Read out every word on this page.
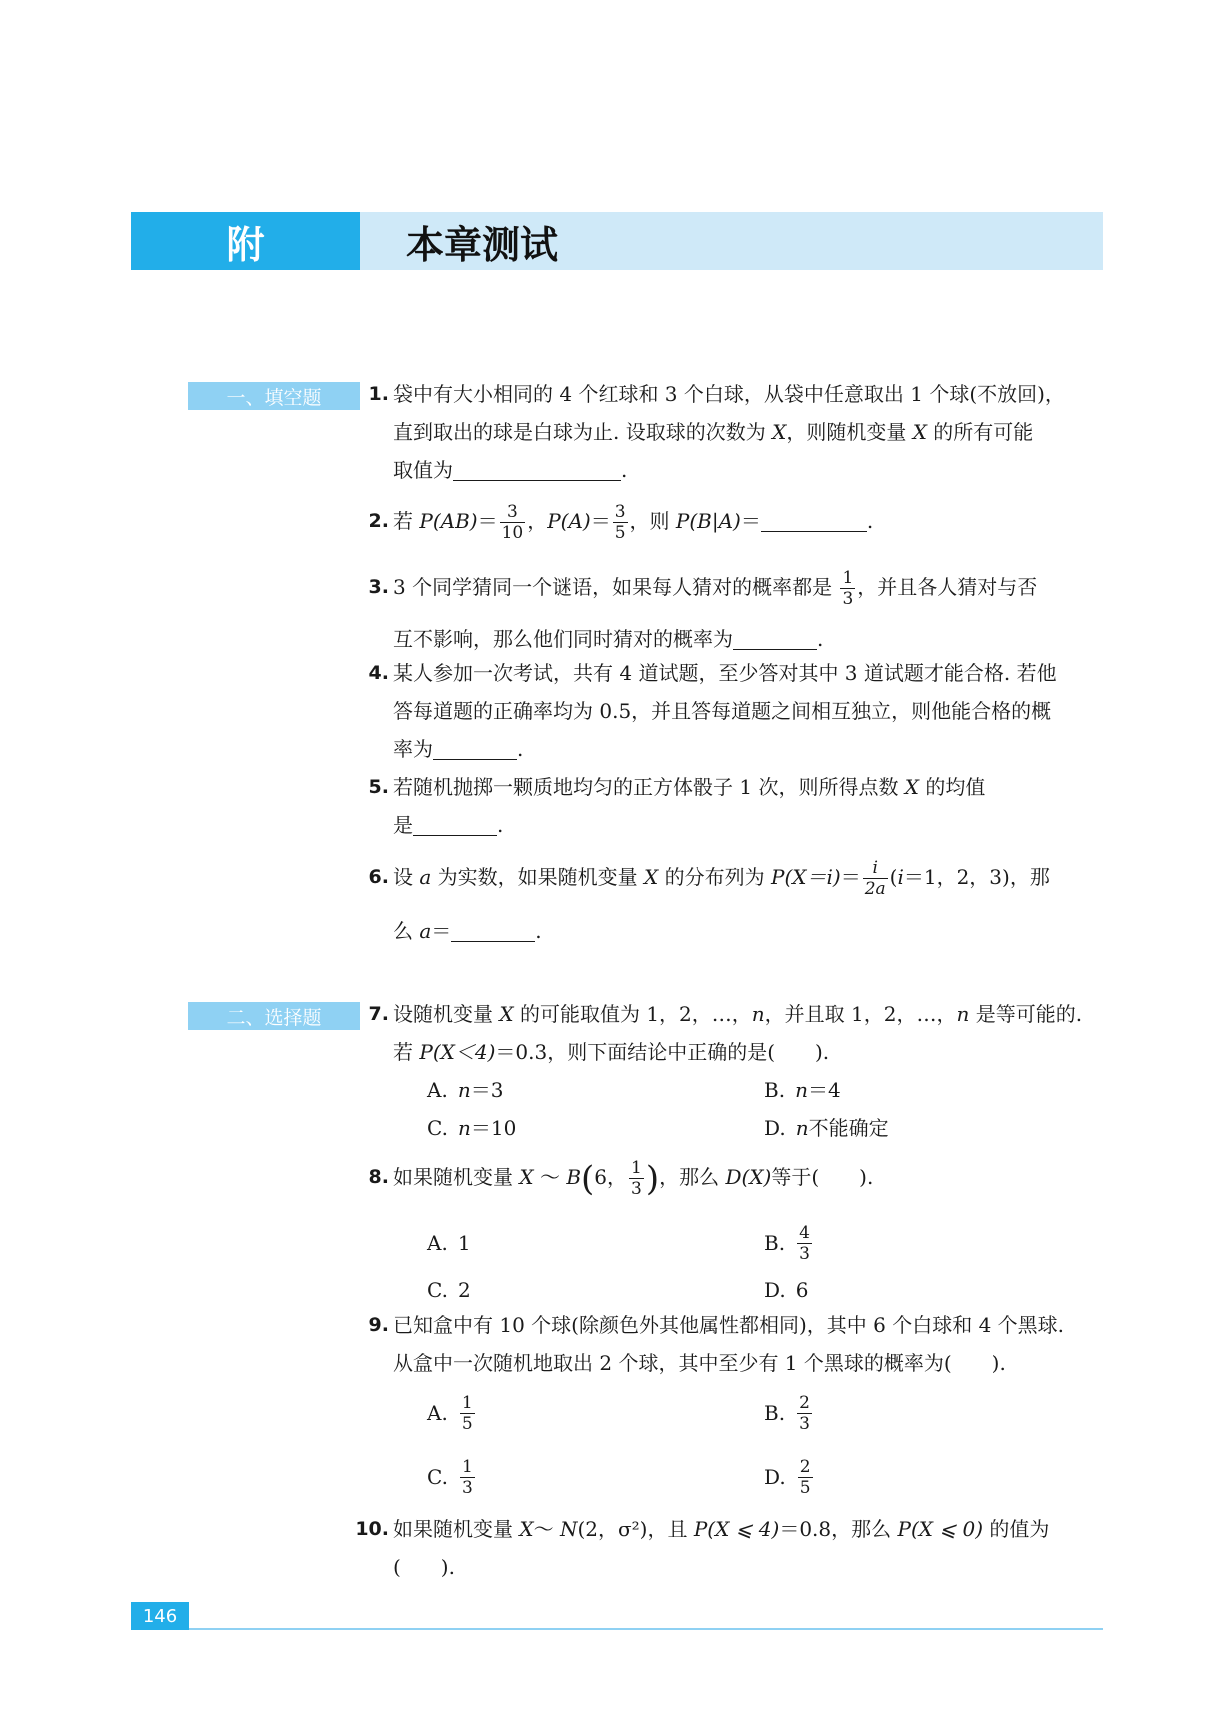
附	本章测试
一、填空题	1. 袋中有大小相同的 4 个红球和 3 个白球，从袋中任意取出 1 个球(不放回)，
直到取出的球是白球为止. 设取球的次数为 X，则随机变量 X 的所有可能
取值为	.
2. 若 $P(AB)= \frac{3}{10}$ ，$P(A)= \frac{3}{5}$ ，则 P(B|A)＝	.
3. 3 个同学猜同一个谜语，如果每人猜对的概率都是 $\frac{1}{3}$ ，并且各人猜对与否
互不影响，那么他们同时猜对的概率为	.
4. 某人参加一次考试，共有 4 道试题，至少答对其中 3 道试题才能合格. 若他
答每道题的正确率均为 0.5，并且答每道题之间相互独立，则他能合格的概
率为	.
5. 若随机抛掷一颗质地均匀的正方体骰子 1 次，则所得点数 X 的均值
是	.
6. 设 a 为实数，如果随机变量 X 的分布列为 $P(X=i)= \frac{i}{2a} (i=1$，2，3)，那
么 a＝	.
二、选择题	7. 设随机变量 X 的可能取值为 1，2，…，n，并且取 1，2，…，n 是等可能的.
若 P(X＜4)＝0.3，则下面结论中正确的是(　　).
A. n ＝3	B. n ＝4
C. n ＝10	D. n 不能确定
8. 如果随机变量 X ～ B(6， $\frac{1}{3}$ )，那么 D(X)等于(　　).
A. 1	B. $\frac{4}{3}$
C. 2	D. 6
9. 已知盒中有 10 个球(除颜色外其他属性都相同)，其中 6 个白球和 4 个黑球.
从盒中一次随机地取出 2 个球，其中至少有 1 个黑球的概率为(　　).
A. $\frac{1}{5}$	B. $\frac{2}{3}$
C. $\frac{1}{3}$	D. $\frac{2}{5}$
10. 如果随机变量 X～ N(2，σ²)，且 P(X ⩽ 4)＝0.8，那么 P(X ⩽ 0) 的值为
(　　).
146
